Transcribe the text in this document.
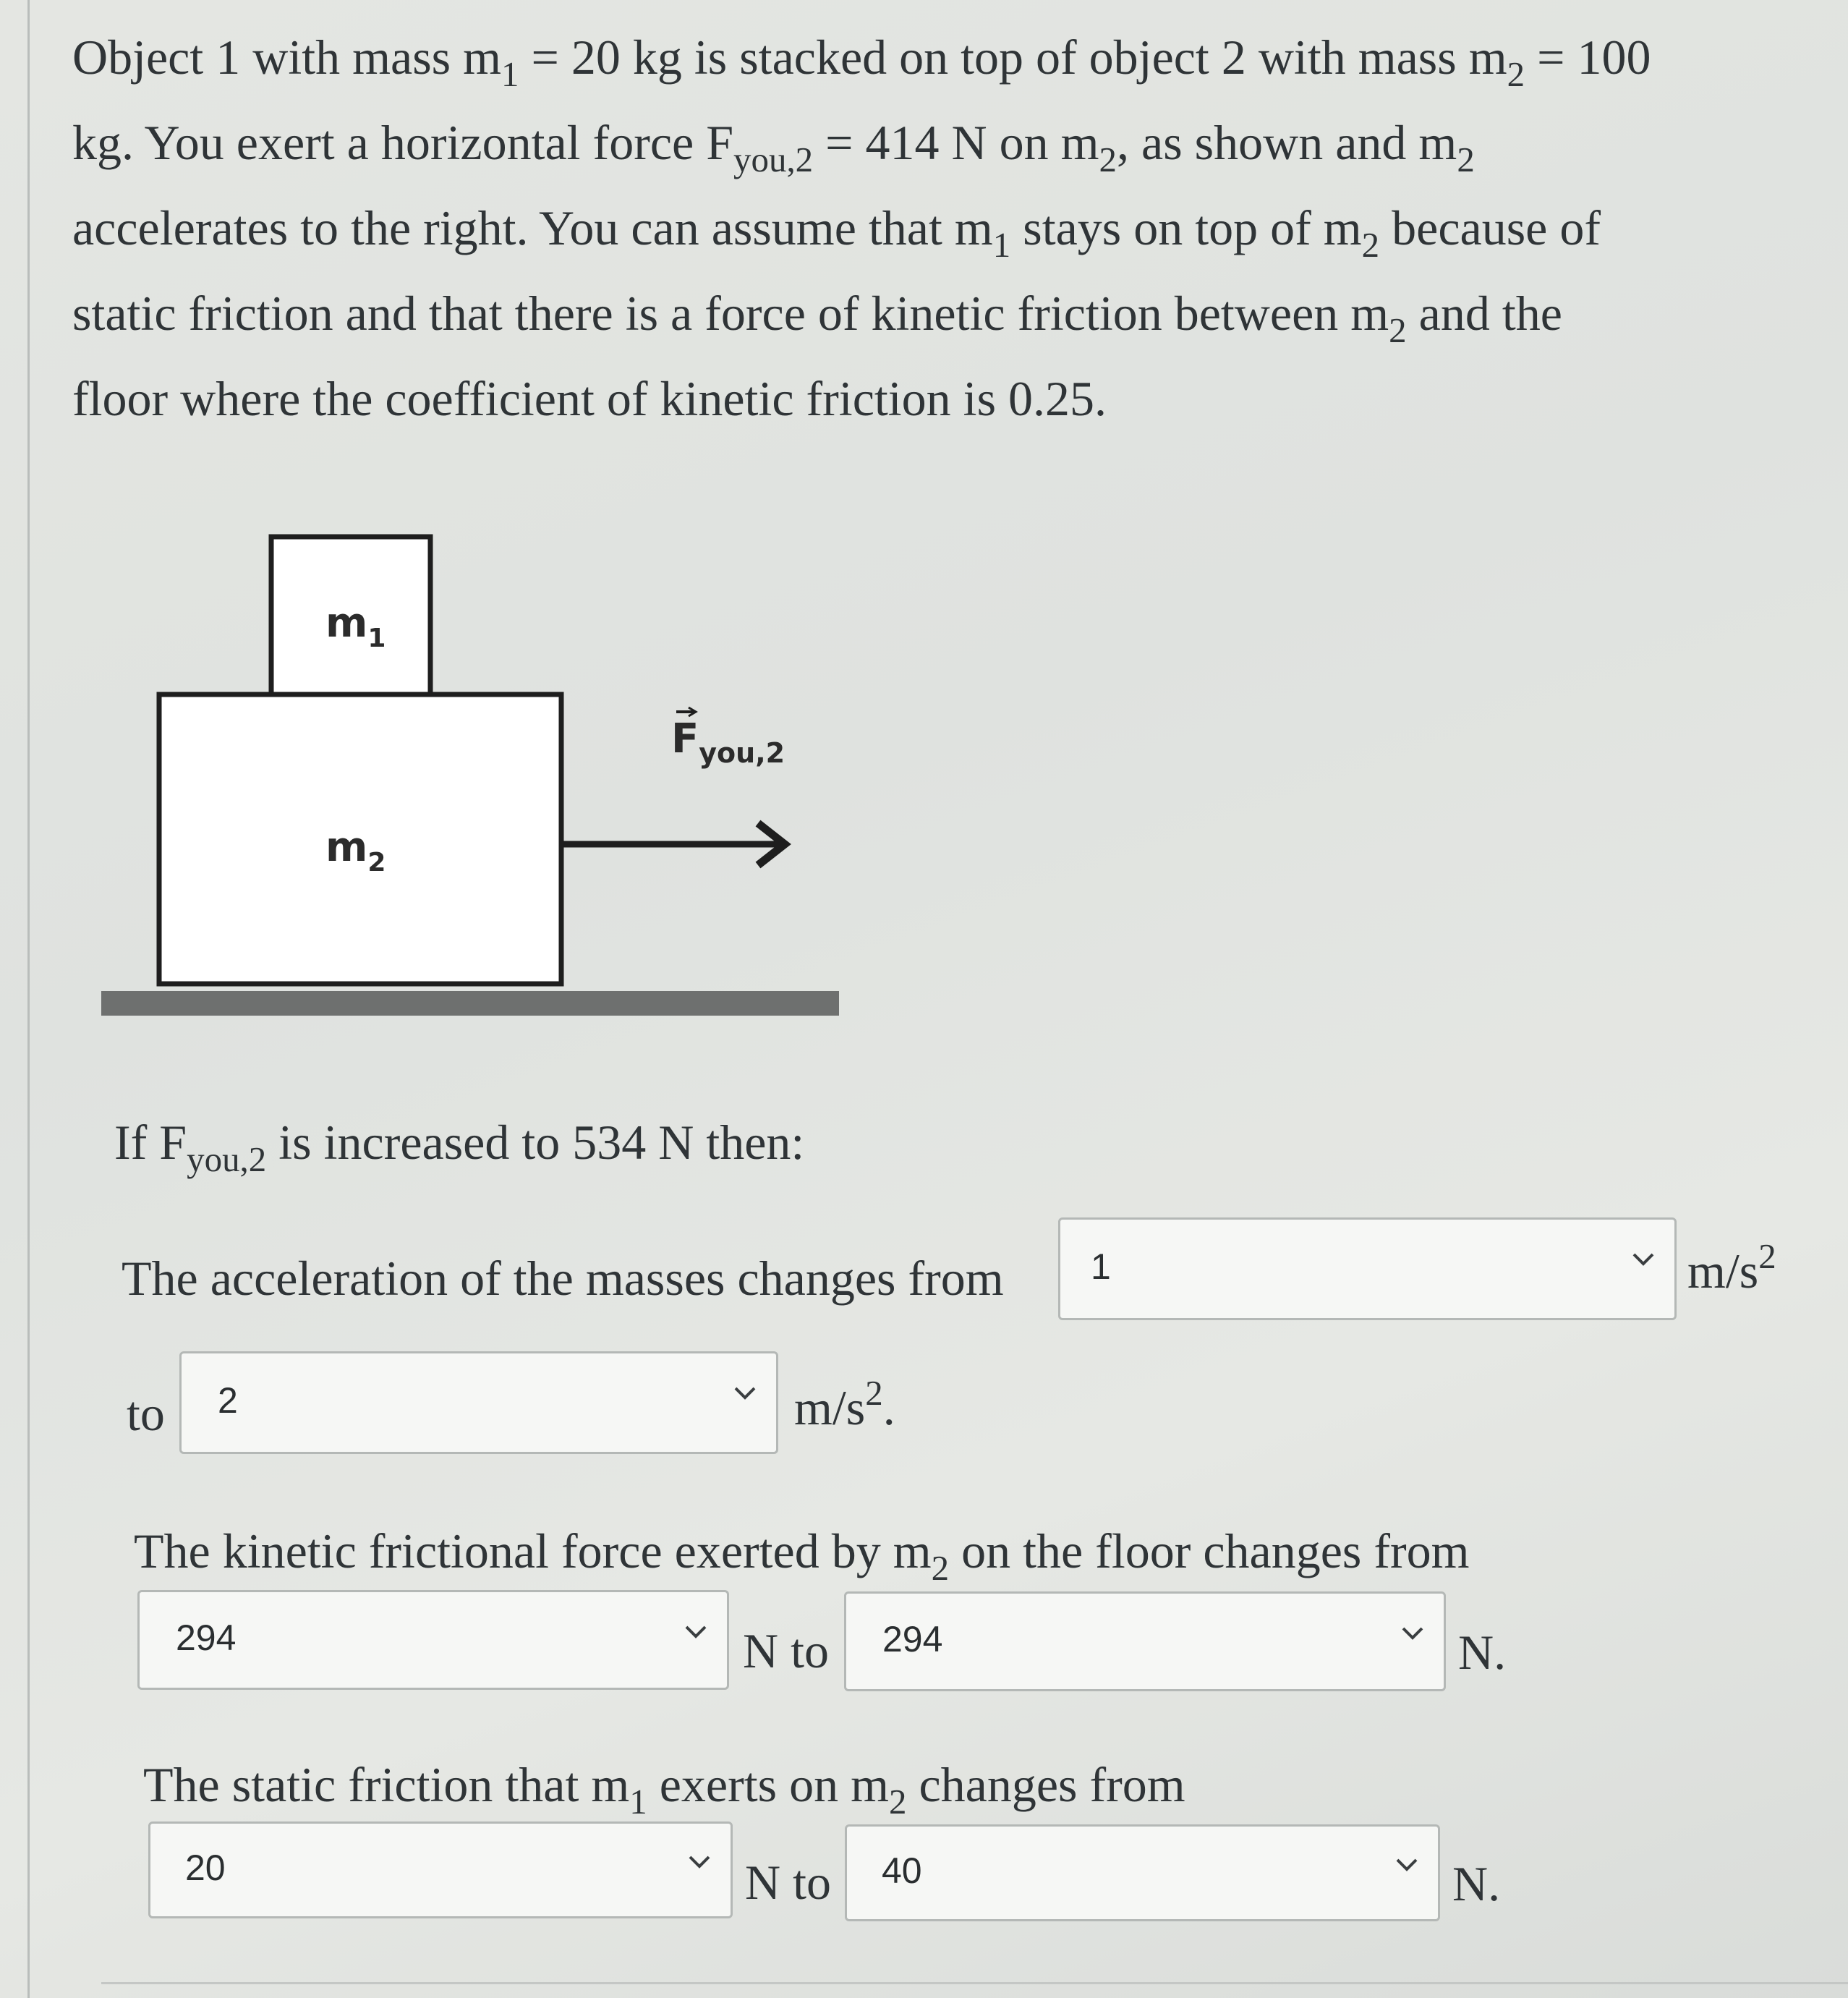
Object 1 with mass $m_1 = 20$ kg is stacked on top of object 2 with mass $m_2 = 100$
kg. You exert a horizontal force $F_{you,2} = 414$ N on $m_2$, as shown and $m_2$
accelerates to the right. You can assume that $m_1$ stays on top of $m_2$ because of
static friction and that there is a force of kinetic friction between $m_2$ and the
floor where the coefficient of kinetic friction is 0.25.
$m_1$
$m_2$
$F_{you,2}$
If $F_{you,2}$ is increased to 534 N then:
The acceleration of the masses changes from 1	$m/s^2$
to 2	$m/s^2$.
The kinetic frictional force exerted by $m_2$ on the floor changes from
294	N to 294	N.
The static friction that $m_1$ exerts on $m_2$ changes from
20	N to 40	N.
